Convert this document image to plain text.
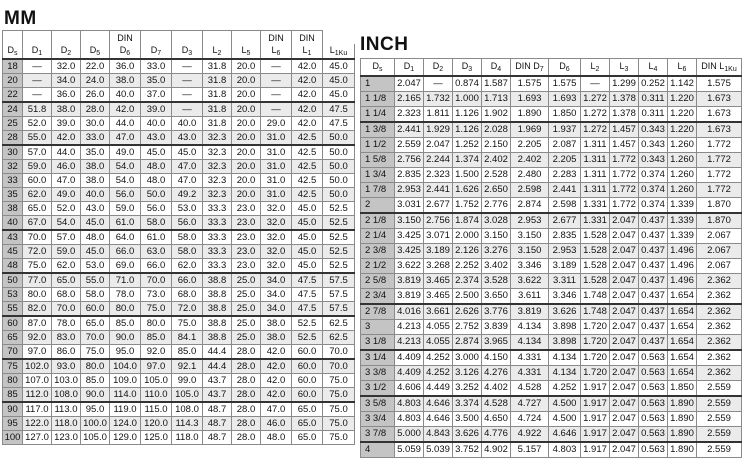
MM
				DIN					DIN	DIN	
$D_s$	$D_1$	$D_2$	$D_5$	$D_6$	$D_7$	$D_3$	$L_2$	$L_5$	$L_6$	$L_1$	$L_{1Ku}$
18	—	32.0	22.0	36.0	33.0	—	31.8	20.0	—	42.0	45.0
20	—	34.0	24.0	38.0	35.0	—	31.8	20.0	—	42.0	45.0
22	—	36.0	26.0	40.0	37.0	—	31.8	20.0	—	42.0	45.0
24	51.8	38.0	28.0	42.0	39.0	—	31.8	20.0	—	42.0	47.5
25	52.0	39.0	30.0	44.0	40.0	40.0	31.8	20.0	29.0	42.0	47.5
28	55.0	42.0	33.0	47.0	43.0	43.0	32.3	20.0	31.0	42.5	50.0
30	57.0	44.0	35.0	49.0	45.0	45.0	32.3	20.0	31.0	42.5	50.0
32	59.0	46.0	38.0	54.0	48.0	47.0	32.3	20.0	31.0	42.5	50.0
33	60.0	47.0	38.0	54.0	48.0	47.0	32.3	20.0	31.0	42.5	50.0
35	62.0	49.0	40.0	56.0	50.0	49.2	32.3	20.0	31.0	42.5	50.0
38	65.0	52.0	43.0	59.0	56.0	53.0	33.3	23.0	32.0	45.0	52.5
40	67.0	54.0	45.0	61.0	58.0	56.0	33.3	23.0	32.0	45.0	52.5
43	70.0	57.0	48.0	64.0	61.0	58.0	33.3	23.0	32.0	45.0	52.5
45	72.0	59.0	45.0	66.0	63.0	58.0	33.3	23.0	32.0	45.0	52.5
48	75.0	62.0	53.0	69.0	66.0	62.0	33.3	23.0	32.0	45.0	52.5
50	77.0	65.0	55.0	71.0	70.0	66.0	38.8	25.0	34.0	47.5	57.5
53	80.0	68.0	58.0	78.0	73.0	68.0	38.8	25.0	34.0	47.5	57.5
55	82.0	70.0	60.0	80.0	75.0	72.0	38.8	25.0	34.0	47.5	57.5
60	87.0	78.0	65.0	85.0	80.0	75.0	38.8	25.0	38.0	52.5	62.5
65	92.0	83.0	70.0	90.0	85.0	84.1	38.8	25.0	38.0	52.5	62.5
70	97.0	86.0	75.0	95.0	92.0	85.0	44.4	28.0	42.0	60.0	70.0
75	102.0	93.0	80.0	104.0	97.0	92.1	44.4	28.0	42.0	60.0	70.0
80	107.0	103.0	85.0	109.0	105.0	99.0	43.7	28.0	42.0	60.0	75.0
85	112.0	108.0	90.0	114.0	110.0	105.0	43.7	28.0	42.0	60.0	75.0
90	117.0	113.0	95.0	119.0	115.0	108.0	48.7	28.0	47.0	65.0	75.0
95	122.0	118.0	100.0	124.0	120.0	114.3	48.7	28.0	46.0	65.0	75.0
100	127.0	123.0	105.0	129.0	125.0	118.0	48.7	28.0	48.0	65.0	75.0
INCH
$D_s$	$D_1$	$D_2$	$D_3$	$D_4$	DIN $D_7$	$D_6$	$L_2$	$L_3$	$L_4$	$L_6$	DIN $L_{1Ku}$
1	2.047	—	0.874	1.587	1.575	1.575	—	1.299	0.252	1.142	1.575
1 1/8	2.165	1.732	1.000	1.713	1.693	1.693	1.272	1.378	0.311	1.220	1.673
1 1/4	2.323	1.811	1.126	1.902	1.890	1.850	1.272	1.378	0.311	1.220	1.673
1 3/8	2.441	1.929	1.126	2.028	1.969	1.937	1.272	1.457	0.343	1.220	1.673
1 1/2	2.559	2.047	1.252	2.150	2.205	2.087	1.311	1.457	0.343	1.260	1.772
1 5/8	2.756	2.244	1.374	2.402	2.402	2.205	1.311	1.772	0.343	1.260	1.772
1 3/4	2.835	2.323	1.500	2.528	2.480	2.283	1.311	1.772	0.374	1.260	1.772
1 7/8	2.953	2.441	1.626	2.650	2.598	2.441	1.311	1.772	0.374	1.260	1.772
2	3.031	2.677	1.752	2.776	2.874	2.598	1.331	1.772	0.374	1.339	1.870
2 1/8	3.150	2.756	1.874	3.028	2.953	2.677	1.331	2.047	0.437	1.339	1.870
2 1/4	3.425	3.071	2.000	3.150	3.150	2.835	1.528	2.047	0.437	1.339	2.067
2 3/8	3.425	3.189	2.126	3.276	3.150	2.953	1.528	2.047	0.437	1.496	2.067
2 1/2	3.622	3.268	2.252	3.402	3.346	3.189	1.528	2.047	0.437	1.496	2.067
2 5/8	3.819	3.465	2.374	3.528	3.622	3.311	1.528	2.047	0.437	1.496	2.362
2 3/4	3.819	3.465	2.500	3.650	3.611	3.346	1.748	2.047	0.437	1.654	2.362
2 7/8	4.016	3.661	2.626	3.776	3.819	3.626	1.748	2.047	0.437	1.654	2.362
3	4.213	4.055	2.752	3.839	4.134	3.898	1.720	2.047	0.437	1.654	2.362
3 1/8	4.213	4.055	2.874	3.965	4.134	3.898	1.720	2.047	0.437	1.654	2.362
3 1/4	4.409	4.252	3.000	4.150	4.331	4.134	1.720	2.047	0.563	1.654	2.362
3 3/8	4.409	4.252	3.126	4.276	4.331	4.134	1.720	2.047	0.563	1.654	2.362
3 1/2	4.606	4.449	3.252	4.402	4.528	4.252	1.917	2.047	0.563	1.850	2.559
3 5/8	4.803	4.646	3.374	4.528	4.727	4.500	1.917	2.047	0.563	1.890	2.559
3 3/4	4.803	4.646	3.500	4.650	4.724	4.500	1.917	2.047	0.563	1.890	2.559
3 7/8	5.000	4.843	3.626	4.776	4.922	4.646	1.917	2.047	0.563	1.890	2.559
4	5.059	5.039	3.752	4.902	5.157	4.803	1.917	2.047	0.563	1.890	2.559
